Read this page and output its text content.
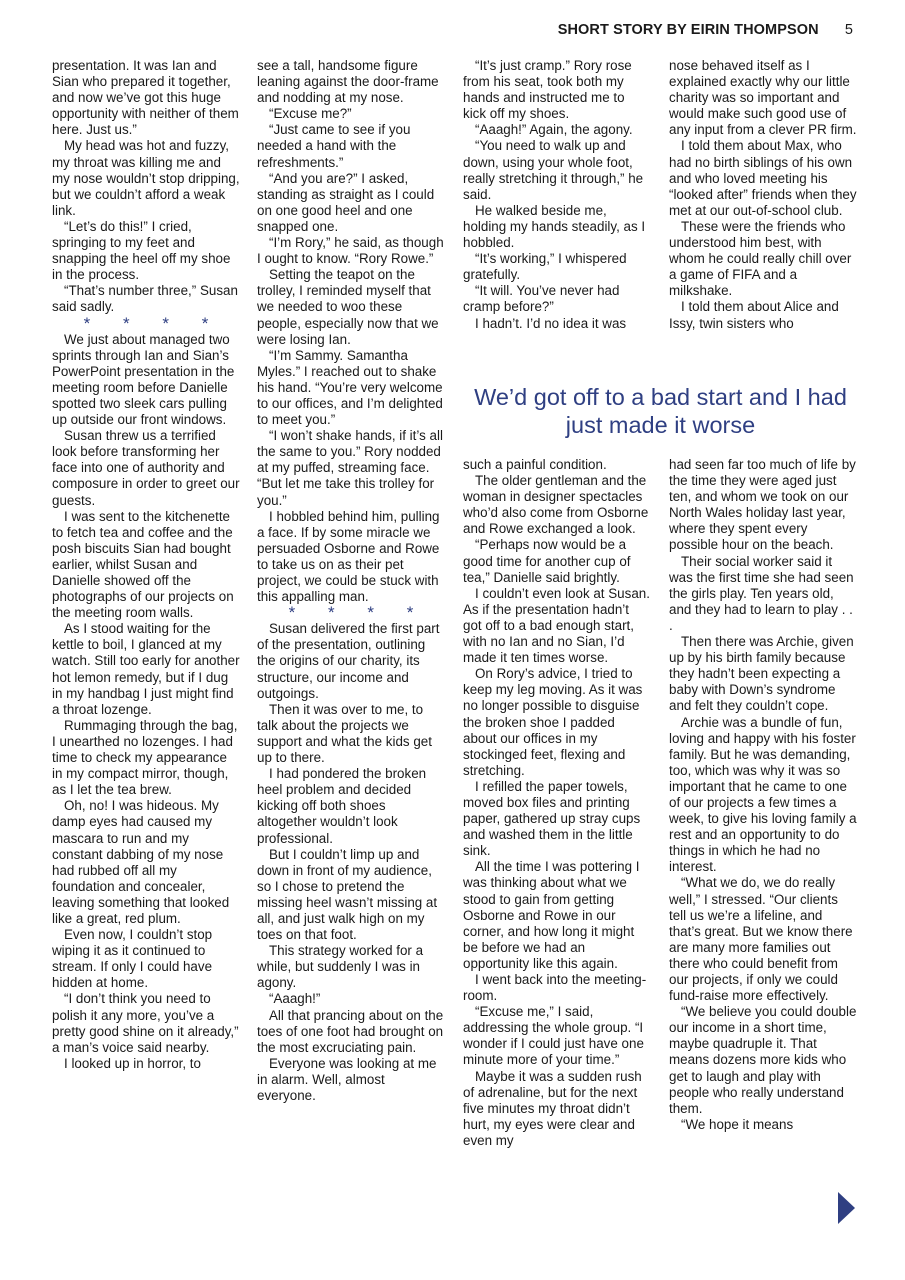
SHORT STORY BY EIRIN THOMPSON 5

presentation. It was Ian and Sian who prepared it together, and now we’ve got this huge opportunity with neither of them here. Just us.”

My head was hot and fuzzy, my throat was killing me and my nose wouldn’t stop dripping, but we couldn’t afford a weak link.

“Let’s do this!” I cried, springing to my feet and snapping the heel off my shoe in the process.

“That’s number three,” Susan said sadly.

* * * *

We just about managed two sprints through Ian and Sian’s PowerPoint presentation in the meeting room before Danielle spotted two sleek cars pulling up outside our front windows.

Susan threw us a terrified look before transforming her face into one of authority and composure in order to greet our guests.

I was sent to the kitchenette to fetch tea and coffee and the posh biscuits Sian had bought earlier, whilst Susan and Danielle showed off the photographs of our projects on the meeting room walls.

As I stood waiting for the kettle to boil, I glanced at my watch. Still too early for another hot lemon remedy, but if I dug in my handbag I just might find a throat lozenge.

Rummaging through the bag, I unearthed no lozenges. I had time to check my appearance in my compact mirror, though, as I let the tea brew.

Oh, no! I was hideous. My damp eyes had caused my mascara to run and my constant dabbing of my nose had rubbed off all my foundation and concealer, leaving something that looked like a great, red plum.

Even now, I couldn’t stop wiping it as it continued to stream. If only I could have hidden at home.

“I don’t think you need to polish it any more, you’ve a pretty good shine on it already,” a man’s voice said nearby.

I looked up in horror, to

see a tall, handsome figure leaning against the door-frame and nodding at my nose.

“Excuse me?”

“Just came to see if you needed a hand with the refreshments.”

“And you are?” I asked, standing as straight as I could on one good heel and one snapped one.

“I’m Rory,” he said, as though I ought to know. “Rory Rowe.”

Setting the teapot on the trolley, I reminded myself that we needed to woo these people, especially now that we were losing Ian.

“I’m Sammy. Samantha Myles.” I reached out to shake his hand. “You’re very welcome to our offices, and I’m delighted to meet you.”

“I won’t shake hands, if it’s all the same to you.” Rory nodded at my puffed, streaming face. “But let me take this trolley for you.”

I hobbled behind him, pulling a face. If by some miracle we persuaded Osborne and Rowe to take us on as their pet project, we could be stuck with this appalling man.

* * * *

Susan delivered the first part of the presentation, outlining the origins of our charity, its structure, our income and outgoings.

Then it was over to me, to talk about the projects we support and what the kids get up to there.

I had pondered the broken heel problem and decided kicking off both shoes altogether wouldn’t look professional.

But I couldn’t limp up and down in front of my audience, so I chose to pretend the missing heel wasn’t missing at all, and just walk high on my toes on that foot.

This strategy worked for a while, but suddenly I was in agony.

“Aaagh!”

All that prancing about on the toes of one foot had brought on the most excruciating pain.

Everyone was looking at me in alarm. Well, almost everyone.

“It’s just cramp.” Rory rose from his seat, took both my hands and instructed me to kick off my shoes.

“Aaagh!” Again, the agony.

“You need to walk up and down, using your whole foot, really stretching it through,” he said.

He walked beside me, holding my hands steadily, as I hobbled.

“It’s working,” I whispered gratefully.

“It will. You’ve never had cramp before?”

I hadn’t. I’d no idea it was

nose behaved itself as I explained exactly why our little charity was so important and would make such good use of any input from a clever PR firm.

I told them about Max, who had no birth siblings of his own and who loved meeting his “looked after” friends when they met at our out-of-school club.

These were the friends who understood him best, with whom he could really chill over a game of FIFA and a milkshake.

I told them about Alice and Issy, twin sisters who

We’d got off to a bad start and I had just made it worse

such a painful condition.

The older gentleman and the woman in designer spectacles who’d also come from Osborne and Rowe exchanged a look.

“Perhaps now would be a good time for another cup of tea,” Danielle said brightly.

I couldn’t even look at Susan. As if the presentation hadn’t got off to a bad enough start, with no Ian and no Sian, I’d made it ten times worse.

On Rory’s advice, I tried to keep my leg moving. As it was no longer possible to disguise the broken shoe I padded about our offices in my stockinged feet, flexing and stretching.

I refilled the paper towels, moved box files and printing paper, gathered up stray cups and washed them in the little sink.

All the time I was pottering I was thinking about what we stood to gain from getting Osborne and Rowe in our corner, and how long it might be before we had an opportunity like this again.

I went back into the meeting-room.

“Excuse me,” I said, addressing the whole group. “I wonder if I could just have one minute more of your time.”

Maybe it was a sudden rush of adrenaline, but for the next five minutes my throat didn’t hurt, my eyes were clear and even my

had seen far too much of life by the time they were aged just ten, and whom we took on our North Wales holiday last year, where they spent every possible hour on the beach.

Their social worker said it was the first time she had seen the girls play. Ten years old, and they had to learn to play . . .

Then there was Archie, given up by his birth family because they hadn’t been expecting a baby with Down’s syndrome and felt they couldn’t cope.

Archie was a bundle of fun, loving and happy with his foster family. But he was demanding, too, which was why it was so important that he came to one of our projects a few times a week, to give his loving family a rest and an opportunity to do things in which he had no interest.

“What we do, we do really well,” I stressed. “Our clients tell us we’re a lifeline, and that’s great. But we know there are many more families out there who could benefit from our projects, if only we could fund-raise more effectively.

“We believe you could double our income in a short time, maybe quadruple it. That means dozens more kids who get to laugh and play with people who really understand them.

“We hope it means
